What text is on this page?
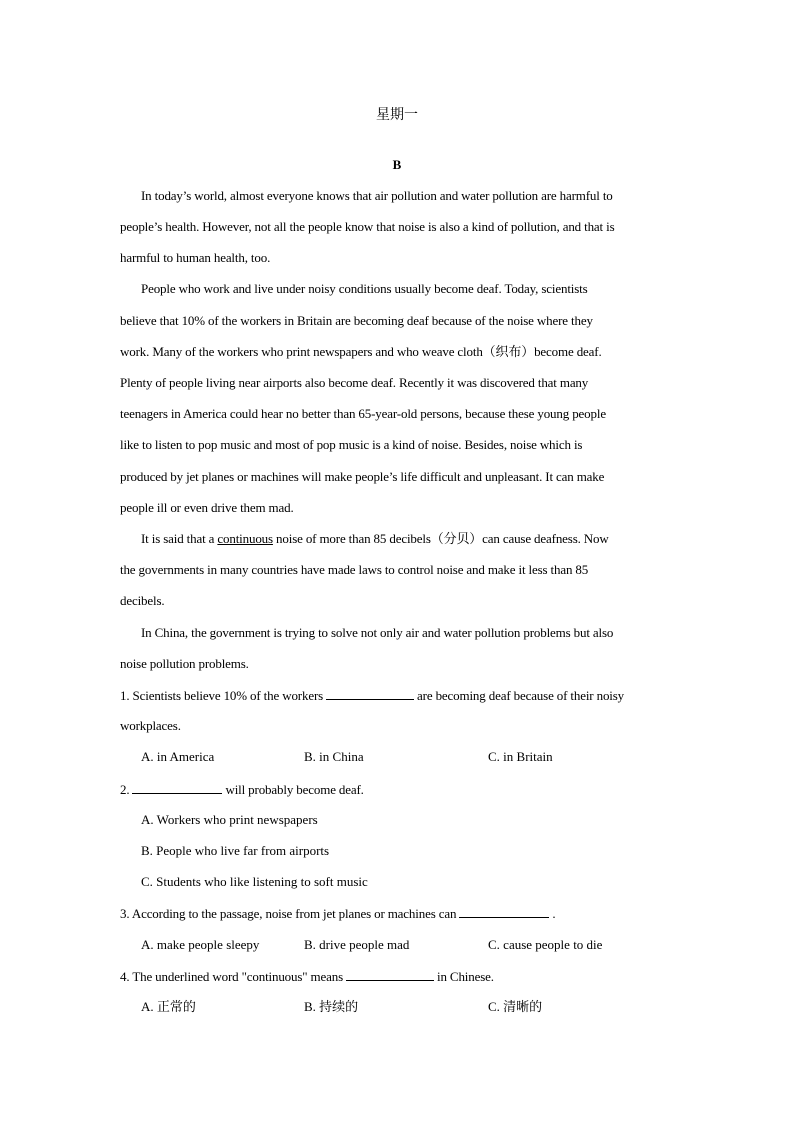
星期一
B
In today’s world, almost everyone knows that air pollution and water pollution are harmful to
people’s health. However, not all the people know that noise is also a kind of pollution, and that is
harmful to human health, too.
People who work and live under noisy conditions usually become deaf. Today, scientists
believe that 10% of the workers in Britain are becoming deaf because of the noise where they
work. Many of the workers who print newspapers and who weave cloth（织布）become deaf.
Plenty of people living near airports also become deaf. Recently it was discovered that many
teenagers in America could hear no better than 65-year-old persons, because these young people
like to listen to pop music and most of pop music is a kind of noise. Besides, noise which is
produced by jet planes or machines will make people’s life difficult and unpleasant. It can make
people ill or even drive them mad.
It is said that a continuous noise of more than 85 decibels（分贝）can cause deafness. Now
the governments in many countries have made laws to control noise and make it less than 85
decibels.
In China, the government is trying to solve not only air and water pollution problems but also
noise pollution problems.
1. Scientists believe 10% of the workers	are becoming deaf because of their noisy
workplaces.
A. in America	B. in China	C. in Britain
2.	will probably become deaf.
A. Workers who print newspapers
B. People who live far from airports
C. Students who like listening to soft music
3. According to the passage, noise from jet planes or machines can	.
A. make people sleepy	B. drive people mad	C. cause people to die
4. The underlined word "continuous" means	in Chinese.
A. 正常的	B. 持续的	C. 清晰的
